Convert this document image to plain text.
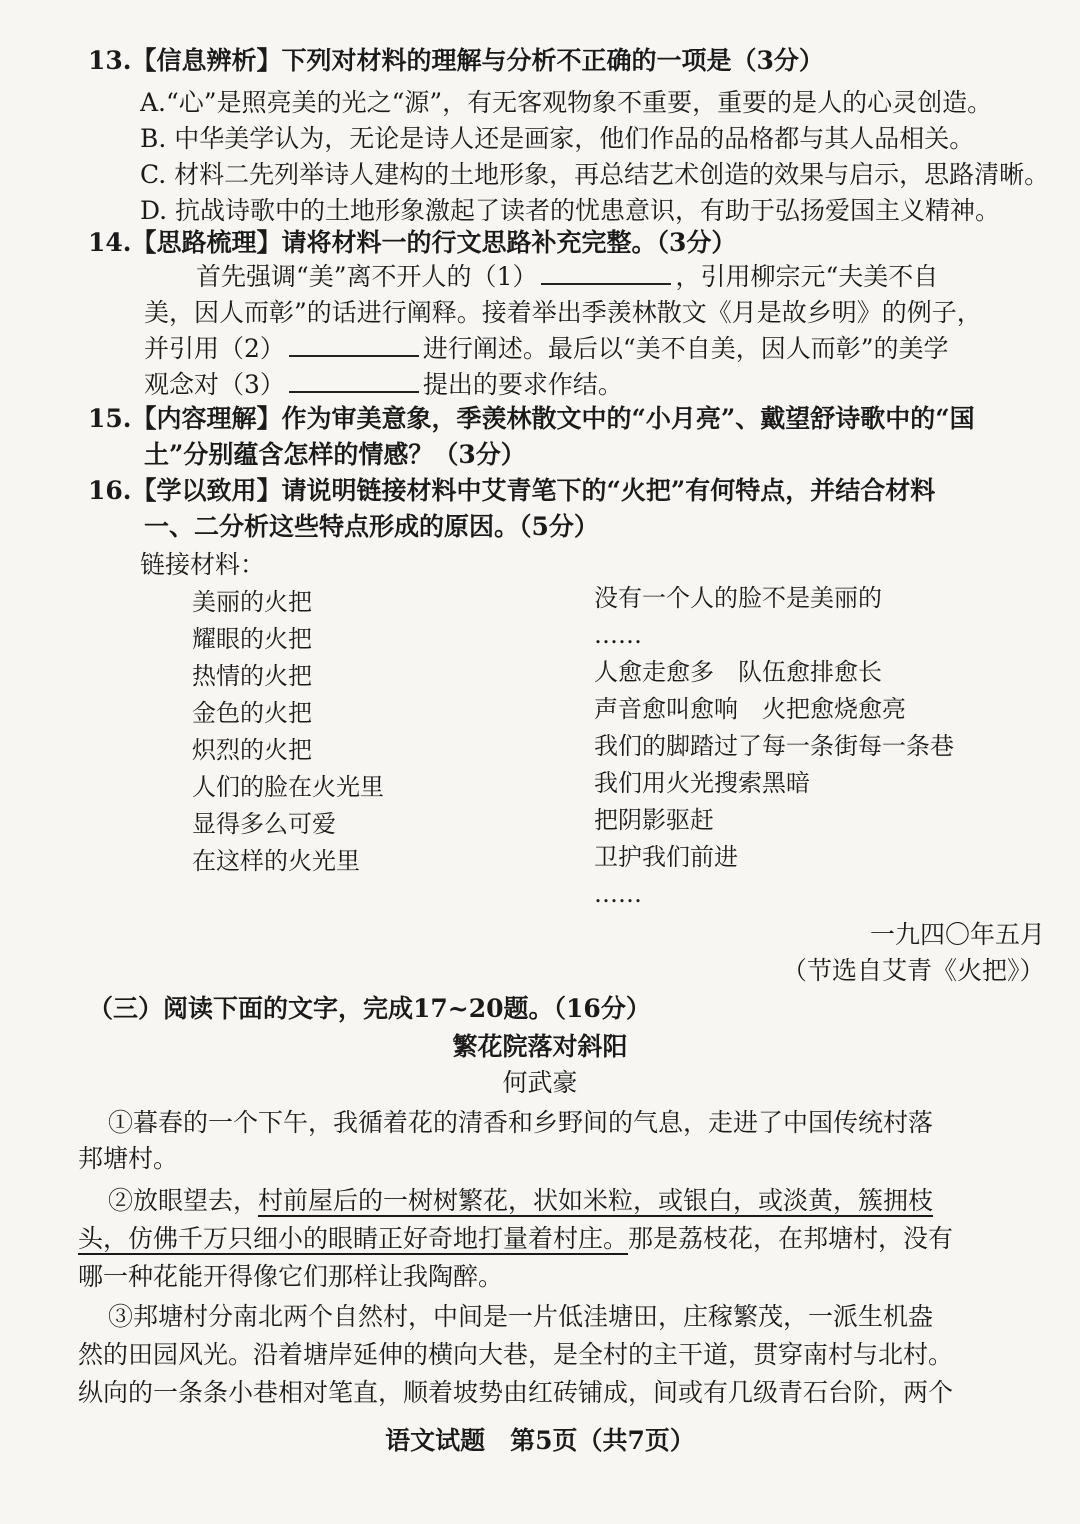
13.【信息辨析】下列对材料的理解与分析不正确的一项是（3分）
A.“心”是照亮美的光之“源”，有无客观物象不重要，重要的是人的心灵创造。
B. 中华美学认为，无论是诗人还是画家，他们作品的品格都与其人品相关。
C. 材料二先列举诗人建构的土地形象，再总结艺术创造的效果与启示，思路清晰。
D. 抗战诗歌中的土地形象激起了读者的忧患意识，有助于弘扬爱国主义精神。
14.【思路梳理】请将材料一的行文思路补充完整。（3分）
首先强调“美”离不开人的（1）	，引用柳宗元“夫美不自
美，因人而彰”的话进行阐释。接着举出季羡林散文《月是故乡明》的例子，
并引用（2）	进行阐述。最后以“美不自美，因人而彰”的美学
观念对（3）	提出的要求作结。
15.【内容理解】作为审美意象，季羡林散文中的“小月亮”、戴望舒诗歌中的“国
土”分别蕴含怎样的情感？（3分）
16.【学以致用】请说明链接材料中艾青笔下的“火把”有何特点，并结合材料
一、二分析这些特点形成的原因。（5分）
链接材料：
美丽的火把
耀眼的火把
热情的火把
金色的火把
炽烈的火把
人们的脸在火光里
显得多么可爱
在这样的火光里
没有一个人的脸不是美丽的
……
人愈走愈多　队伍愈排愈长
声音愈叫愈响　火把愈烧愈亮
我们的脚踏过了每一条街每一条巷
我们用火光搜索黑暗
把阴影驱赶
卫护我们前进
……
一九四〇年五月
（节选自艾青《火把》）
（三）阅读下面的文字，完成17~20题。（16分）
繁花院落对斜阳
何武豪
①暮春的一个下午，我循着花的清香和乡野间的气息，走进了中国传统村落
邦塘村。
②放眼望去，村前屋后的一树树繁花，状如米粒，或银白，或淡黄，簇拥枝
头，仿佛千万只细小的眼睛正好奇地打量着村庄。那是荔枝花，在邦塘村，没有
哪一种花能开得像它们那样让我陶醉。
③邦塘村分南北两个自然村，中间是一片低洼塘田，庄稼繁茂，一派生机盎
然的田园风光。沿着塘岸延伸的横向大巷，是全村的主干道，贯穿南村与北村。
纵向的一条条小巷相对笔直，顺着坡势由红砖铺成，间或有几级青石台阶，两个
语文试题　第5页（共7页）
